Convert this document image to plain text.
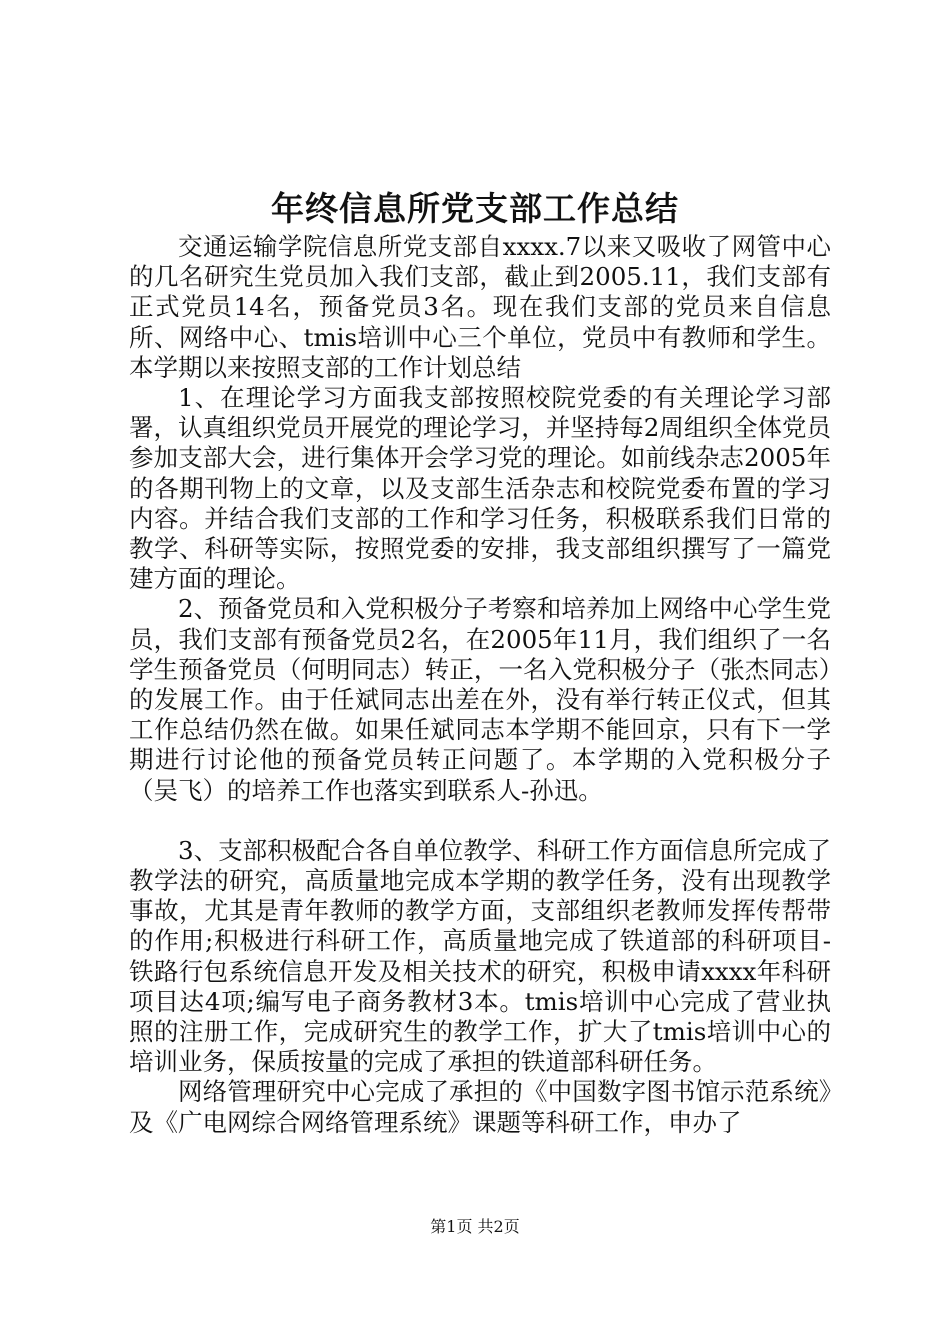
年终信息所党支部工作总结

交通运输学院信息所党支部自xxxx.7以来又吸收了网管中心的几名研究生党员加入我们支部，截止到2005.11，我们支部有正式党员14名，预备党员3名。现在我们支部的党员来自信息所、网络中心、tmis培训中心三个单位，党员中有教师和学生。本学期以来按照支部的工作计划总结

1、在理论学习方面我支部按照校院党委的有关理论学习部署，认真组织党员开展党的理论学习，并坚持每2周组织全体党员参加支部大会，进行集体开会学习党的理论。如前线杂志2005年的各期刊物上的文章，以及支部生活杂志和校院党委布置的学习内容。并结合我们支部的工作和学习任务，积极联系我们日常的教学、科研等实际，按照党委的安排，我支部组织撰写了一篇党建方面的理论。

2、预备党员和入党积极分子考察和培养加上网络中心学生党员，我们支部有预备党员2名，在2005年11月，我们组织了一名学生预备党员（何明同志）转正，一名入党积极分子（张杰同志）的发展工作。由于任斌同志出差在外，没有举行转正仪式，但其工作总结仍然在做。如果任斌同志本学期不能回京，只有下一学期进行讨论他的预备党员转正问题了。本学期的入党积极分子（吴飞）的培养工作也落实到联系人-孙迅。

3、支部积极配合各自单位教学、科研工作方面信息所完成了教学法的研究，高质量地完成本学期的教学任务，没有出现教学事故，尤其是青年教师的教学方面，支部组织老教师发挥传帮带的作用;积极进行科研工作，高质量地完成了铁道部的科研项目-铁路行包系统信息开发及相关技术的研究，积极申请xxxx年科研项目达4项;编写电子商务教材3本。tmis培训中心完成了营业执照的注册工作，完成研究生的教学工作，扩大了tmis培训中心的培训业务，保质按量的完成了承担的铁道部科研任务。

网络管理研究中心完成了承担的《中国数字图书馆示范系统》及《广电网综合网络管理系统》课题等科研工作，申办了

第1页 共2页
